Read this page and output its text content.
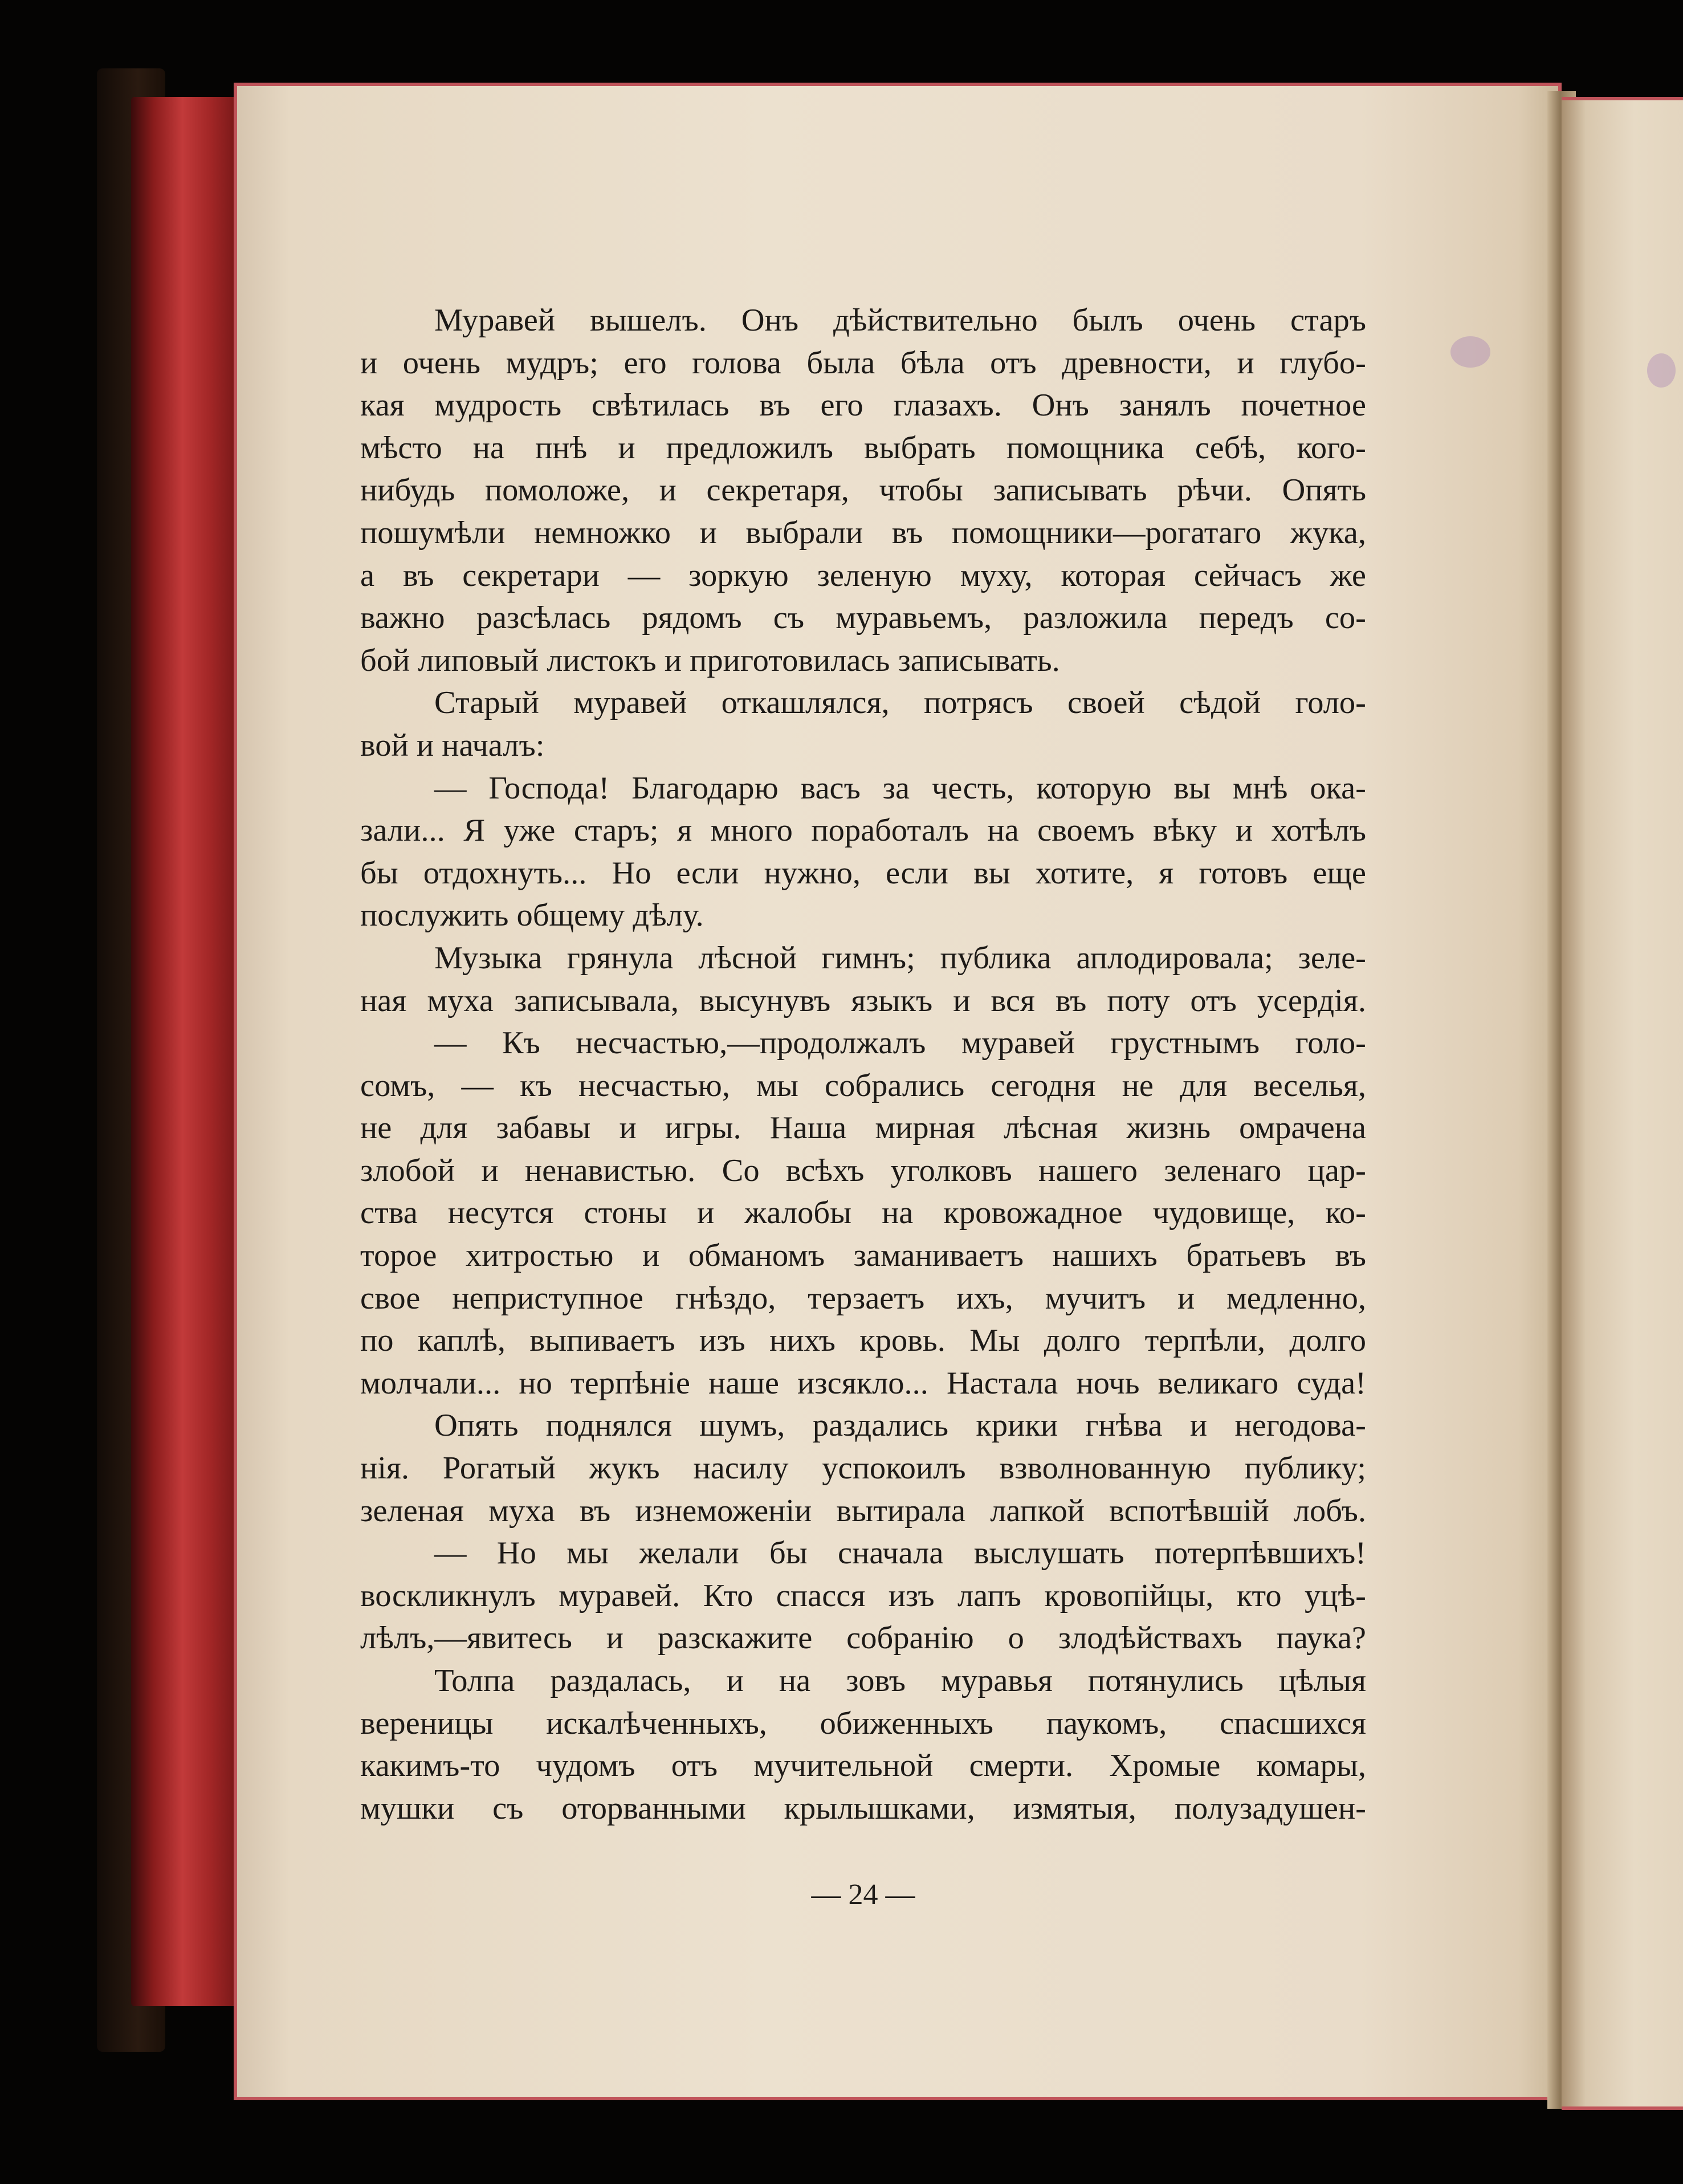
Муравей вышелъ. Онъ дѣйствительно былъ очень старъ
и очень мудръ; его голова была бѣла отъ древности, и глубо-
кая мудрость свѣтилась въ его глазахъ. Онъ занялъ почетное
мѣсто на пнѣ и предложилъ выбрать помощника себѣ, кого-
нибудь помоложе, и секретаря, чтобы записывать рѣчи. Опять
пошумѣли немножко и выбрали въ помощники—рогатаго жука,
а въ секретари — зоркую зеленую муху, которая сейчасъ же
важно разсѣлась рядомъ съ муравьемъ, разложила передъ со-
бой липовый листокъ и приготовилась записывать.
Старый муравей откашлялся, потрясъ своей сѣдой голо-
вой и началъ:
— Господа! Благодарю васъ за честь, которую вы мнѣ ока-
зали... Я уже старъ; я много поработалъ на своемъ вѣку и хотѣлъ
бы отдохнуть... Но если нужно, если вы хотите, я готовъ еще
послужить общему дѣлу.
Музыка грянула лѣсной гимнъ; публика аплодировала; зеле-
ная муха записывала, высунувъ языкъ и вся въ поту отъ усердія.
— Къ несчастью,—продолжалъ муравей грустнымъ голо-
сомъ, — къ несчастью, мы собрались сегодня не для веселья,
не для забавы и игры. Наша мирная лѣсная жизнь омрачена
злобой и ненавистью. Со всѣхъ уголковъ нашего зеленаго цар-
ства несутся стоны и жалобы на кровожадное чудовище, ко-
торое хитростью и обманомъ заманиваетъ нашихъ братьевъ въ
свое неприступное гнѣздо, терзаетъ ихъ, мучитъ и медленно,
по каплѣ, выпиваетъ изъ нихъ кровь. Мы долго терпѣли, долго
молчали... но терпѣніе наше изсякло... Настала ночь великаго суда!
Опять поднялся шумъ, раздались крики гнѣва и негодова-
нія. Рогатый жукъ насилу успокоилъ взволнованную публику;
зеленая муха въ изнеможеніи вытирала лапкой вспотѣвшій лобъ.
— Но мы желали бы сначала выслушать потерпѣвшихъ!
воскликнулъ муравей. Кто спасся изъ лапъ кровопійцы, кто уцѣ-
лѣлъ,—явитесь и разскажите собранію о злодѣйствахъ паука?
Толпа раздалась, и на зовъ муравья потянулись цѣлыя
вереницы искалѣченныхъ, обиженныхъ паукомъ, спасшихся
какимъ-то чудомъ отъ мучительной смерти. Хромые комары,
мушки съ оторванными крылышками, измятыя, полузадушен-
— 24 —
